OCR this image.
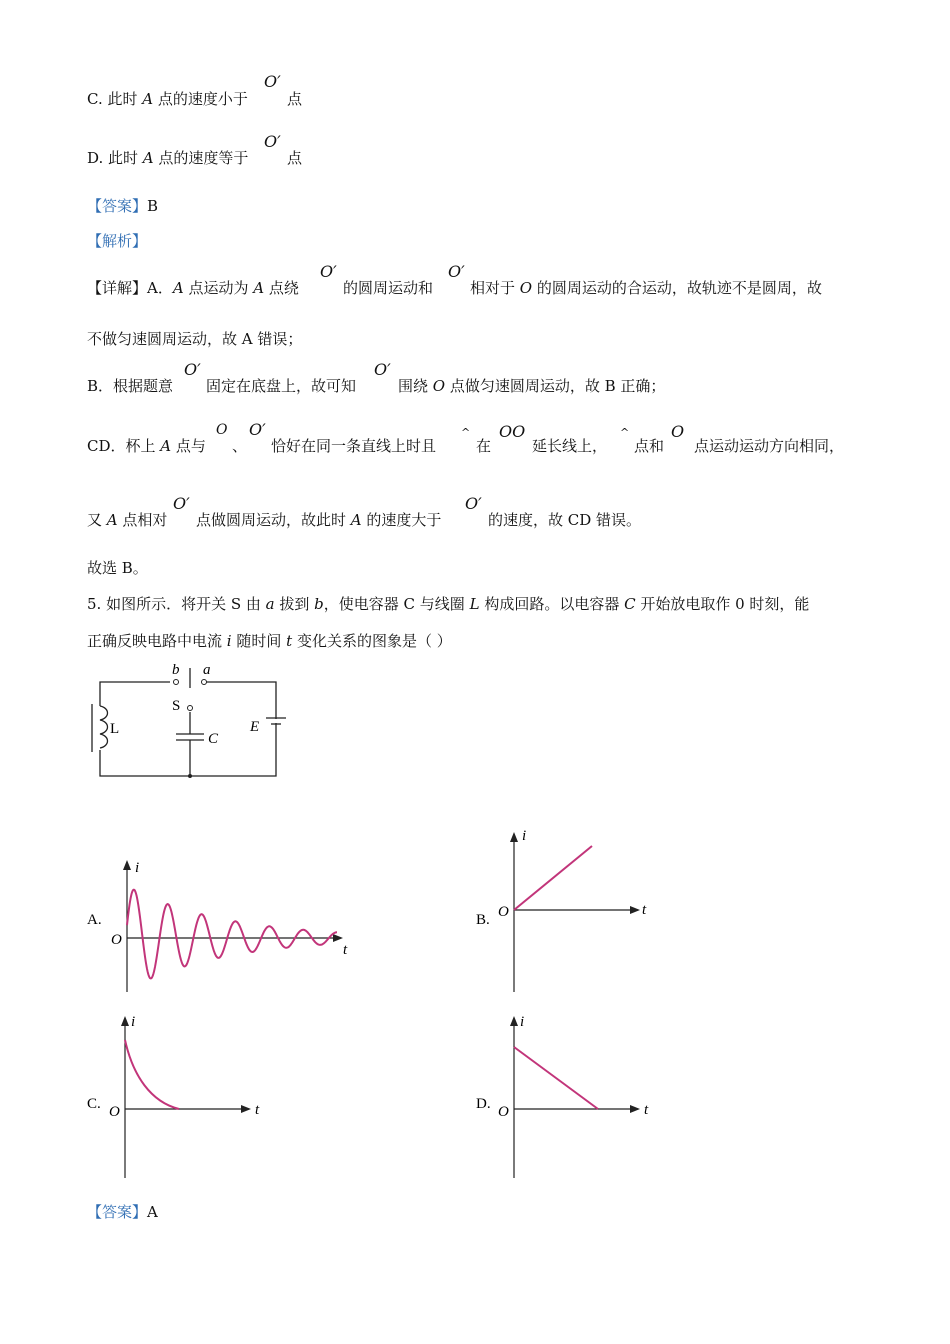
C. 此时 A 点的速度小于
O′
点
D. 此时 A 点的速度等于
O′
点
【答案】B
【解析】
【详解】A．A 点运动为 A 点绕
O′
的圆周运动和
O′
相对于 O 的圆周运动的合运动，故轨迹不是圆周，故
不做匀速圆周运动，故 A 错误；
B．根据题意
O′
固定在底盘上，故可知
O′
围绕 O 点做匀速圆周运动，故 B 正确；
CD．杯上 A 点与
O
、
O′
恰好在同一条直线上时且
^
在
OO
延长线上，
^
点和
O
点运动运动方向相同，
又 A 点相对
O′
点做圆周运动，故此时 A 的速度大于
O′
的速度，故 CD 错误。
故选 B。
5. 如图所示．将开关 S 由 a 拔到 b，使电容器 C 与线圈 L 构成回路。以电容器 C 开始放电取作 0 时刻，能
正确反映电路中电流 i 随时间 t 变化关系的图象是（ ）
b a
S
L
C
E
A.
i
O
t
B.
i
O	t
C.
i
O	t	D.
i
O	t
【答案】A
